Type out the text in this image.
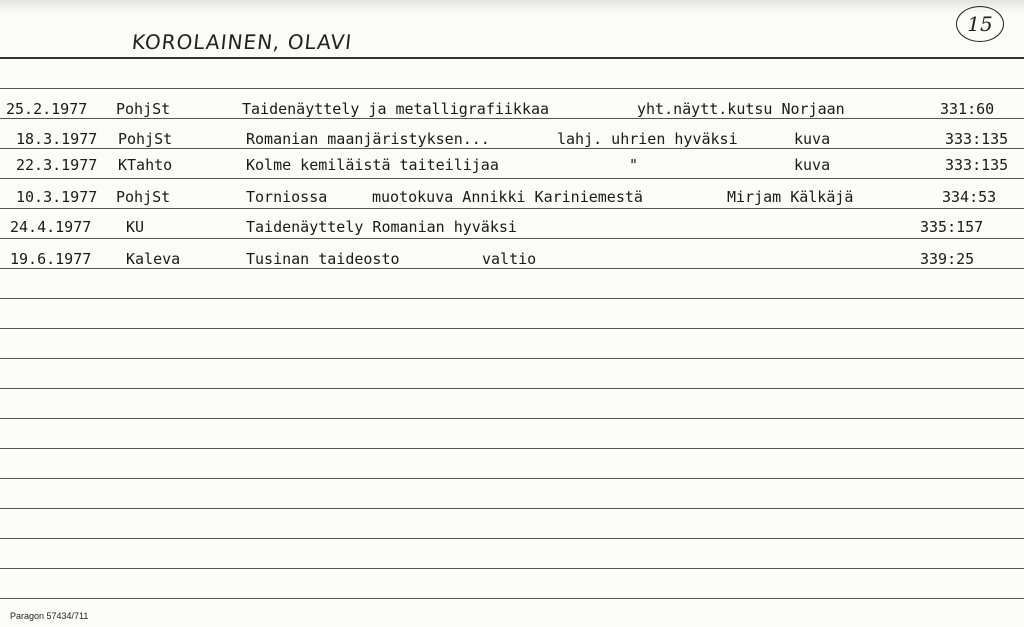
KOROLAINEN, OLAVI
15
25.2.1977 PohjSt	Taidenäyttely ja metalligrafiikkaa	yht.näytt.kutsu Norjaan	331:60
18.3.1977 PohjSt	Romanian maanjäristyksen...	lahj. uhrien hyväksi	kuva	333:135
22.3.1977 KTahto	Kolme kemiläistä taiteilijaa	"	kuva	333:135
10.3.1977 PohjSt	Torniossa	muotokuva Annikki Kariniemestä	Mirjam Kälkäjä	334:53
24.4.1977 KU	Taidenäyttely Romanian hyväksi	335:157
19.6.1977 Kaleva	Tusinan taideosto	valtio	339:25
Paragon 57434/711
